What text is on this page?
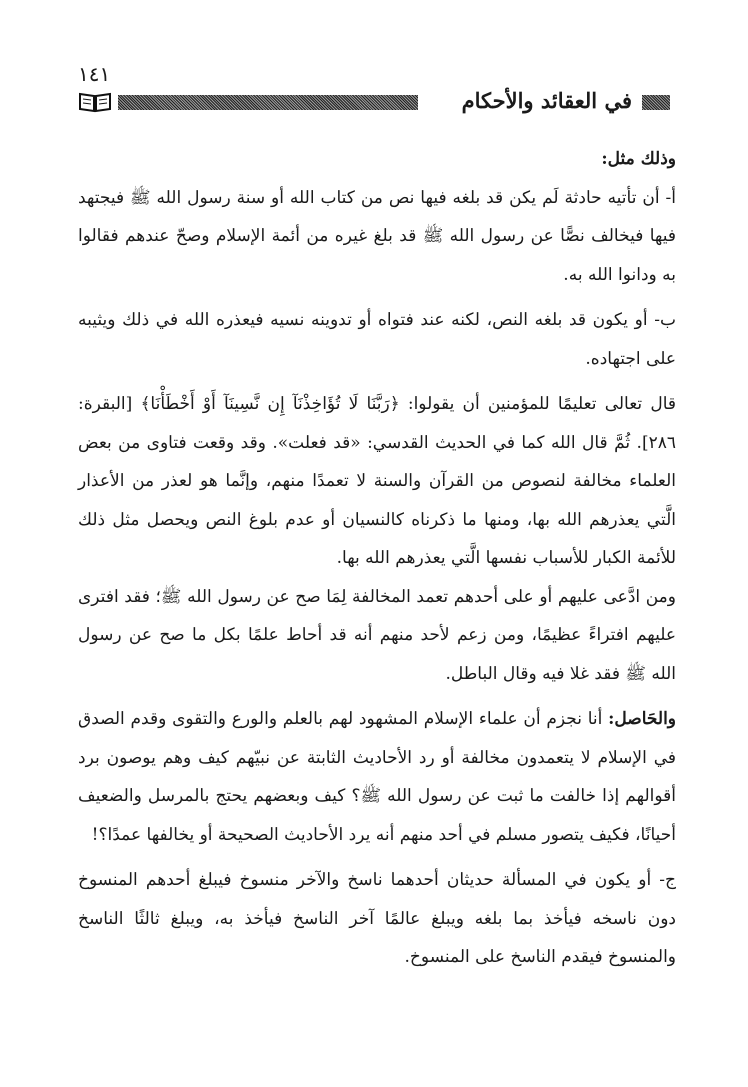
١٤١
في العقائد والأحكام

وذلك مثل:

أ- أن تأتيه حادثة لَم يكن قد بلغه فيها نص من كتاب الله أو سنة رسول الله ﷺ فيجتهد فيها فيخالف نصًّا عن رسول الله ﷺ قد بلغ غيره من أئمة الإسلام وصحّ عندهم فقالوا به ودانوا الله به.

ب- أو يكون قد بلغه النص، لكنه عند فتواه أو تدوينه نسيه فيعذره الله في ذلك ويثيبه على اجتهاده.

قال تعالى تعليمًا للمؤمنين أن يقولوا: ﴿رَبَّنَا لَا تُؤَاخِذْنَآ إِن نَّسِينَآ أَوْ أَخْطَأْنَا﴾ [البقرة: ٢٨٦]. ثُمَّ قال الله كما في الحديث القدسي: «قد فعلت». وقد وقعت فتاوى من بعض العلماء مخالفة لنصوص من القرآن والسنة لا تعمدًا منهم، وإنَّما هو لعذر من الأعذار الَّتي يعذرهم الله بها، ومنها ما ذكرناه كالنسيان أو عدم بلوغ النص ويحصل مثل ذلك للأئمة الكبار للأسباب نفسها الَّتي يعذرهم الله بها.

ومن ادَّعى عليهم أو على أحدهم تعمد المخالفة لِمَا صح عن رسول الله ﷺ؛ فقد افترى عليهم افتراءً عظيمًا، ومن زعم لأحد منهم أنه قد أحاط علمًا بكل ما صح عن رسول الله ﷺ فقد غلا فيه وقال الباطل.

والحَاصل: أنا نجزم أن علماء الإسلام المشهود لهم بالعلم والورع والتقوى وقدم الصدق في الإسلام لا يتعمدون مخالفة أو رد الأحاديث الثابتة عن نبيّهم كيف وهم يوصون برد أقوالهم إذا خالفت ما ثبت عن رسول الله ﷺ؟ كيف وبعضهم يحتج بالمرسل والضعيف أحيانًا، فكيف يتصور مسلم في أحد منهم أنه يرد الأحاديث الصحيحة أو يخالفها عمدًا؟!

ج- أو يكون في المسألة حديثان أحدهما ناسخ والآخر منسوخ فيبلغ أحدهم المنسوخ دون ناسخه فيأخذ بما بلغه ويبلغ عالمًا آخر الناسخ فيأخذ به، ويبلغ ثالثًا الناسخ والمنسوخ فيقدم الناسخ على المنسوخ.
